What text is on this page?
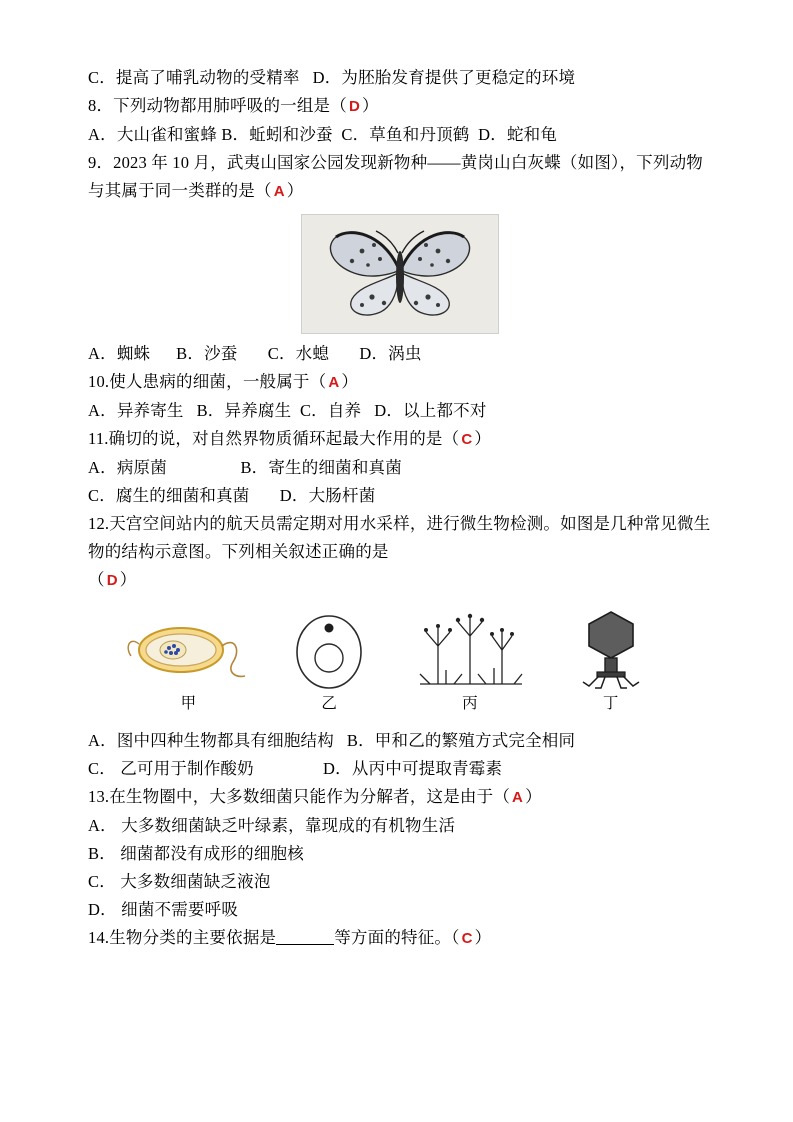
C．提高了哺乳动物的受精率   D．为胚胎发育提供了更稳定的环境
8．下列动物都用肺呼吸的一组是（ D ）
A．大山雀和蜜蜂 B．蚯蚓和沙蚕  C．草鱼和丹顶鹤  D．蛇和龟
9．2023 年 10 月，武夷山国家公园发现新物种——黄岗山白灰蝶（如图），下列动物与其属于同一类群的是（ A ）
A．蜘蛛      B．沙蚕       C．水螅       D．涡虫
10.使人患病的细菌，一般属于（ A ）
A．异养寄生   B．异养腐生  C．自养   D．以上都不对
11.确切的说，对自然界物质循环起最大作用的是（ C ）
A．病原菌                 B．寄生的细菌和真菌
C．腐生的细菌和真菌       D．大肠杆菌
12.天宫空间站内的航天员需定期对用水采样，进行微生物检测。如图是几种常见微生物的结构示意图。下列相关叙述正确的是
（ D ）
甲	乙	丙	丁
A．图中四种生物都具有细胞结构   B．甲和乙的繁殖方式完全相同
C． 乙可用于制作酸奶                D．从丙中可提取青霉素
13.在生物圈中，大多数细菌只能作为分解者，这是由于（ A ）
A． 大多数细菌缺乏叶绿素，靠现成的有机物生活
B． 细菌都没有成形的细胞核
C． 大多数细菌缺乏液泡
D． 细菌不需要呼吸
14.生物分类的主要依据是	等方面的特征。（ C ）
